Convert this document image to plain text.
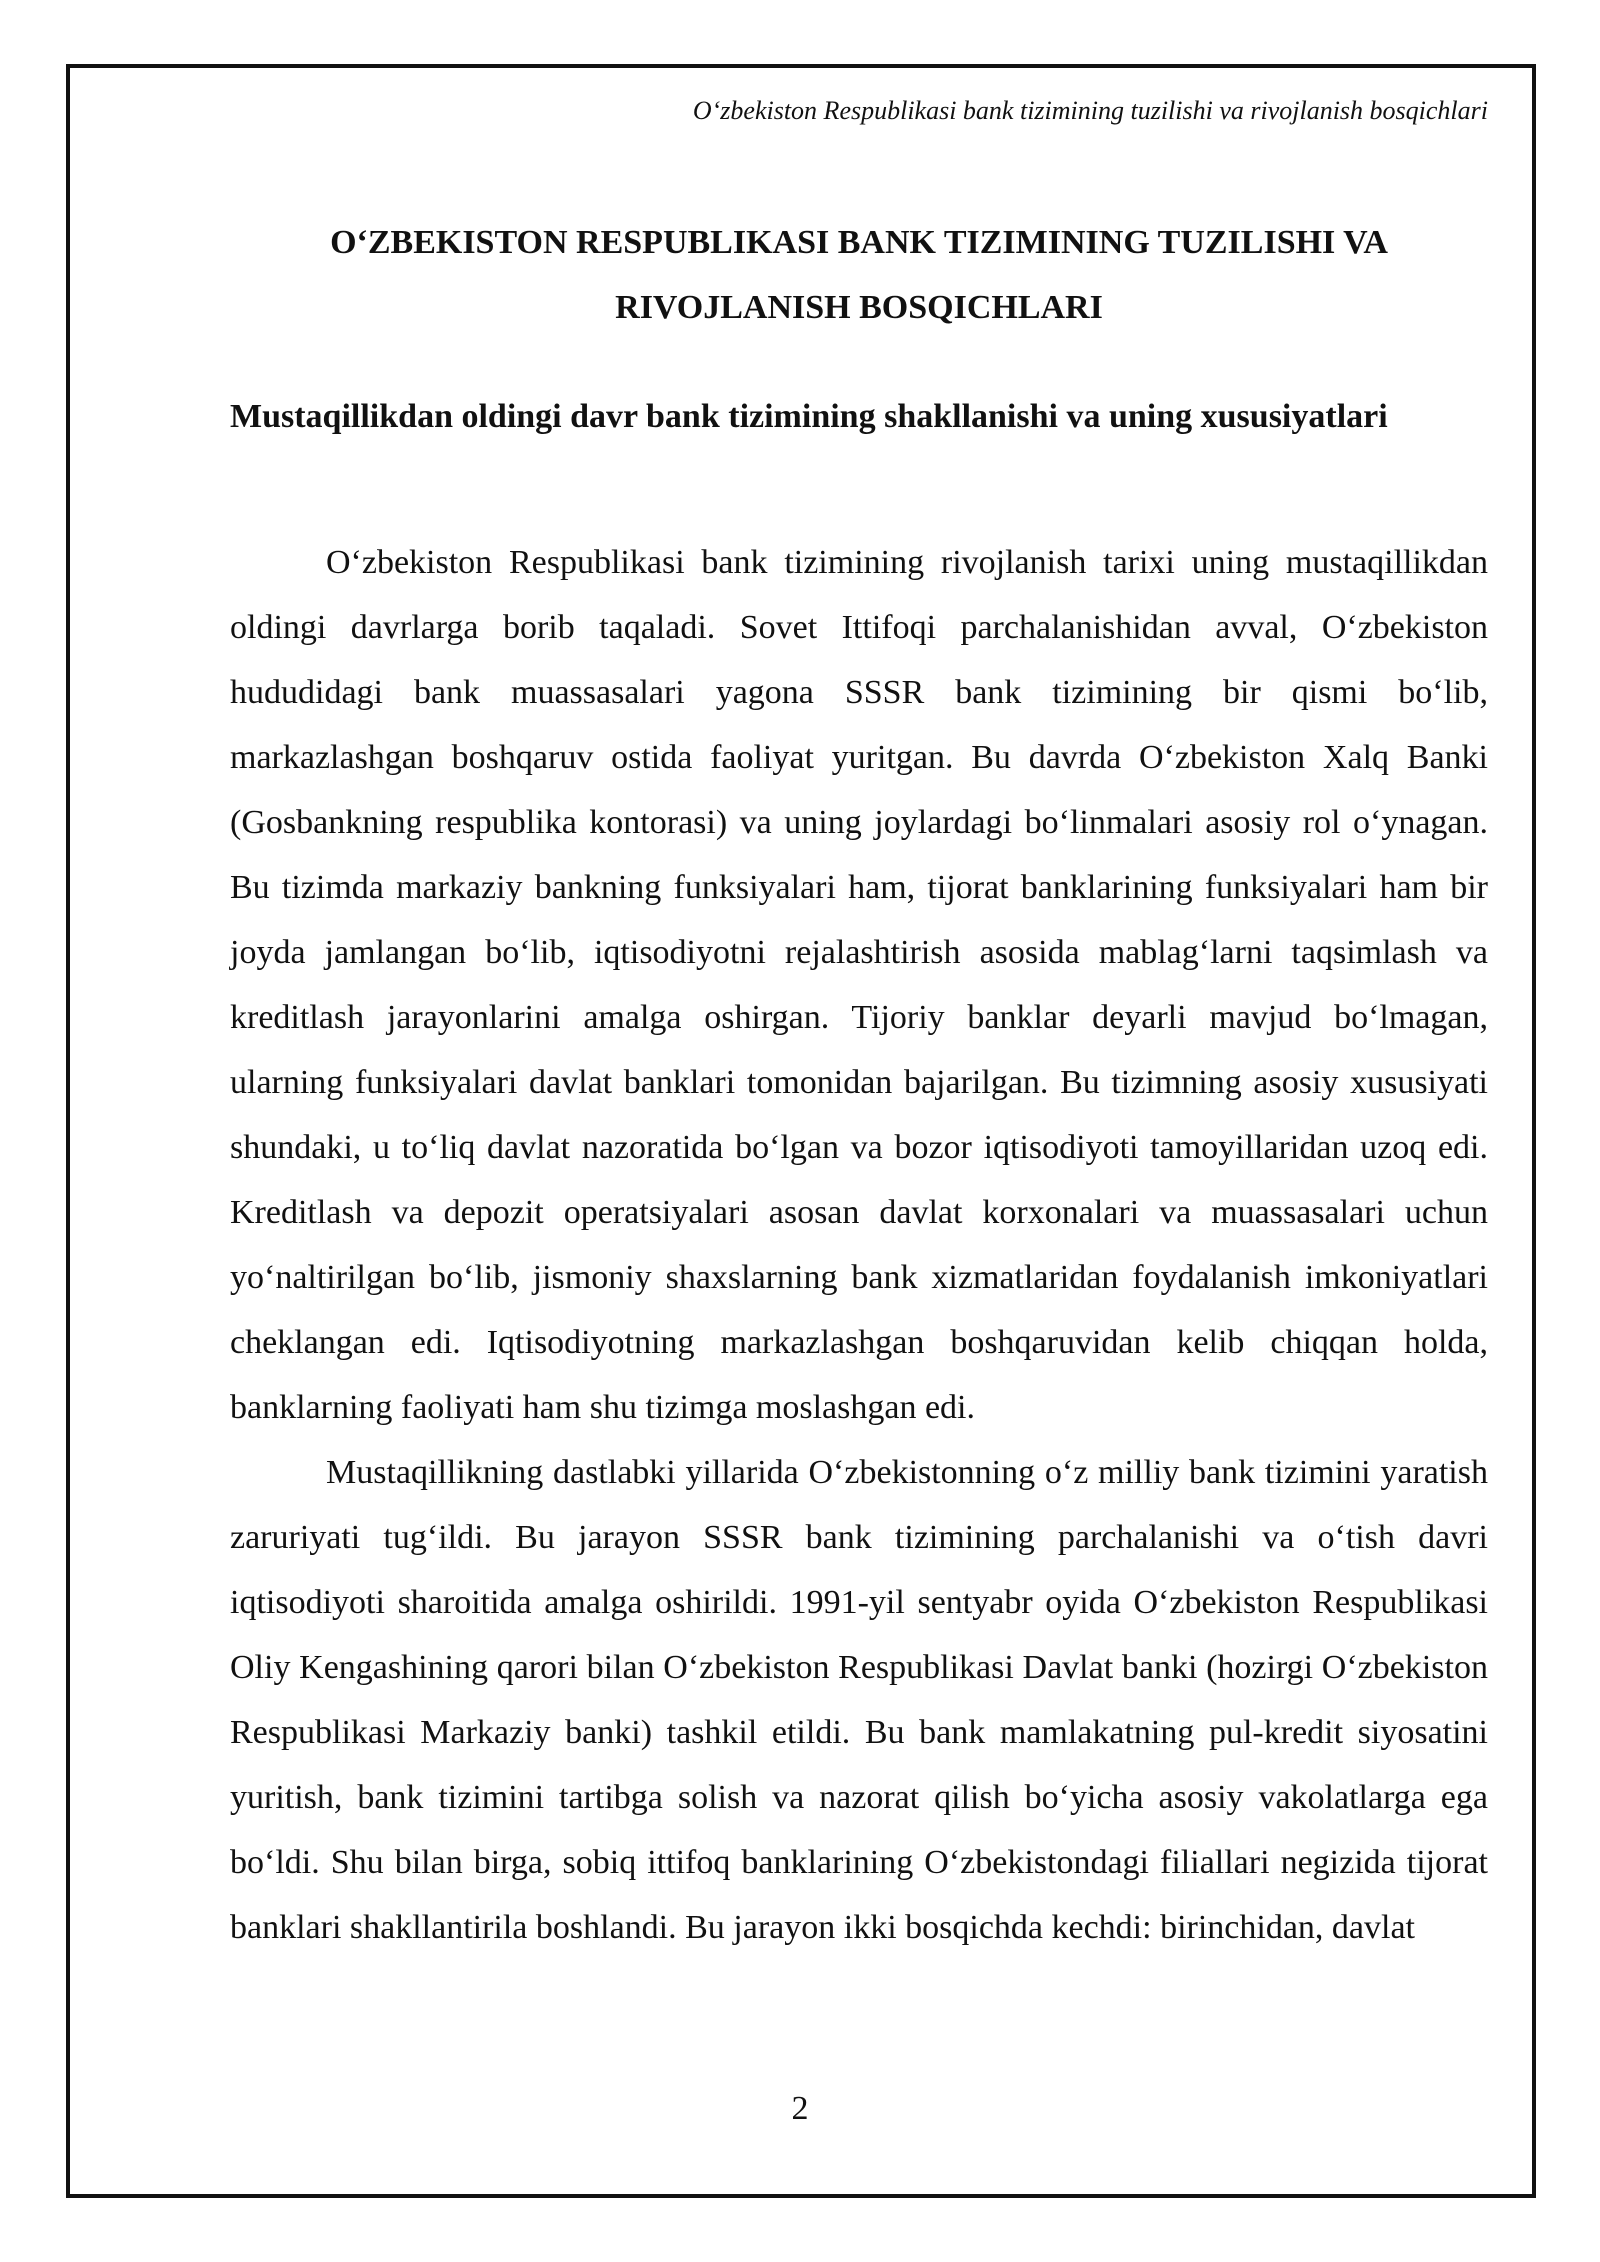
O‘zbekiston Respublikasi bank tizimining tuzilishi va rivojlanish bosqichlari
O‘ZBEKISTON RESPUBLIKASI BANK TIZIMINING TUZILISHI VA RIVOJLANISH BOSQICHLARI
Mustaqillikdan oldingi davr bank tizimining shakllanishi va uning xususiyatlari

O‘zbekiston Respublikasi bank tizimining rivojlanish tarixi uning mustaqillikdan oldingi davrlarga borib taqaladi. Sovet Ittifoqi parchalanishidan avval, O‘zbekiston hududidagi bank muassasalari yagona SSSR bank tizimining bir qismi bo‘lib, markazlashgan boshqaruv ostida faoliyat yuritgan. Bu davrda O‘zbekiston Xalq Banki (Gosbankning respublika kontorasi) va uning joylardagi bo‘linmalari asosiy rol o‘ynagan. Bu tizimda markaziy bankning funksiyalari ham, tijorat banklarining funksiyalari ham bir joyda jamlangan bo‘lib, iqtisodiyotni rejalashtirish asosida mablag‘larni taqsimlash va kreditlash jarayonlarini amalga oshirgan. Tijoriy banklar deyarli mavjud bo‘lmagan, ularning funksiyalari davlat banklari tomonidan bajarilgan. Bu tizimning asosiy xususiyati shundaki, u to‘liq davlat nazoratida bo‘lgan va bozor iqtisodiyoti tamoyillaridan uzoq edi. Kreditlash va depozit operatsiyalari asosan davlat korxonalari va muassasalari uchun yo‘naltirilgan bo‘lib, jismoniy shaxslarning bank xizmatlaridan foydalanish imkoniyatlari cheklangan edi. Iqtisodiyotning markazlashgan boshqaruvidan kelib chiqqan holda, banklarning faoliyati ham shu tizimga moslashgan edi.

Mustaqillikning dastlabki yillarida O‘zbekistonning o‘z milliy bank tizimini yaratish zaruriyati tug‘ildi. Bu jarayon SSSR bank tizimining parchalanishi va o‘tish davri iqtisodiyoti sharoitida amalga oshirildi. 1991-yil sentyabr oyida O‘zbekiston Respublikasi Oliy Kengashining qarori bilan O‘zbekiston Respublikasi Davlat banki (hozirgi O‘zbekiston Respublikasi Markaziy banki) tashkil etildi. Bu bank mamlakatning pul-kredit siyosatini yuritish, bank tizimini tartibga solish va nazorat qilish bo‘yicha asosiy vakolatlarga ega bo‘ldi. Shu bilan birga, sobiq ittifoq banklarining O‘zbekistondagi filiallari negizida tijorat banklari shakllantirila boshlandi. Bu jarayon ikki bosqichda kechdi: birinchidan, davlat

2
